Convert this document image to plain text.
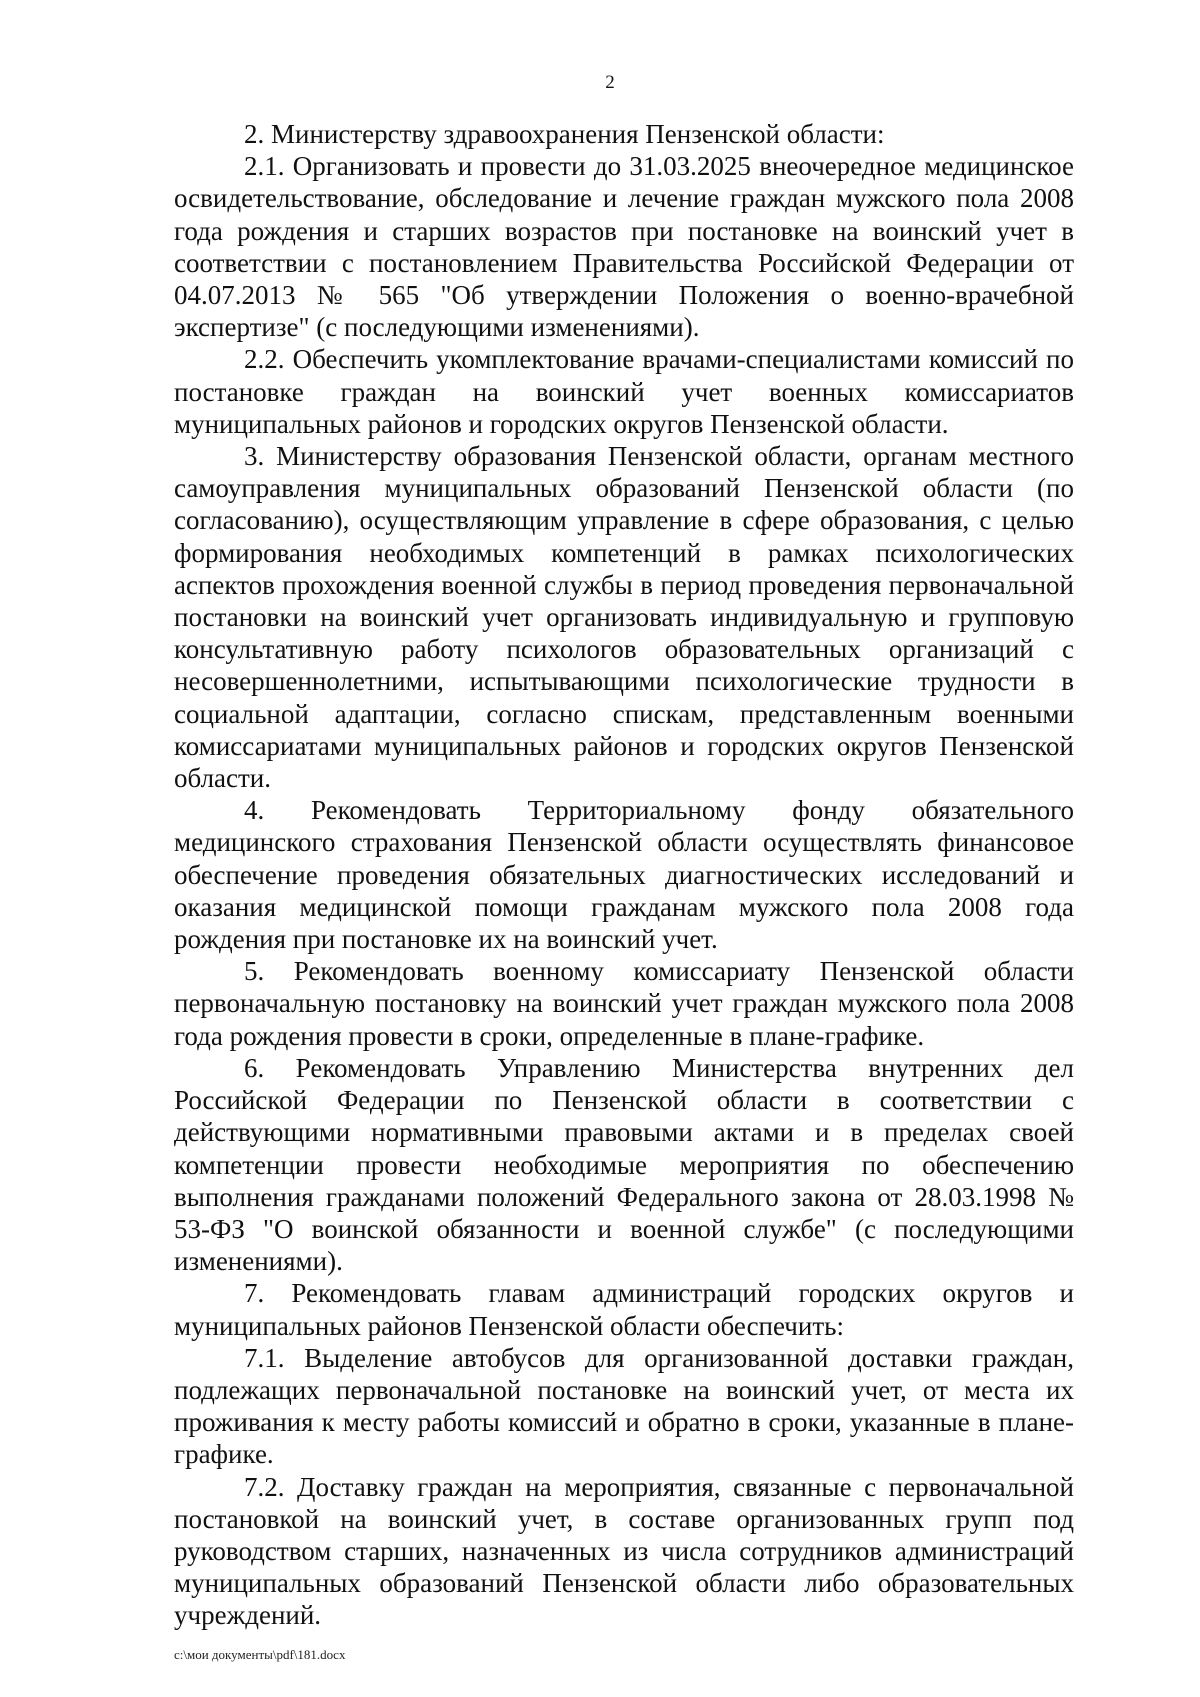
2

2. Министерству здравоохранения Пензенской области:

2.1. Организовать и провести до 31.03.2025 внеочередное медицинское освидетельствование, обследование и лечение граждан мужского пола 2008 года рождения и старших возрастов при постановке на воинский учет в соответствии с постановлением Правительства Российской Федерации от 04.07.2013 № 565 "Об утверждении Положения о военно-врачебной экспертизе" (с последующими изменениями).

2.2. Обеспечить укомплектование врачами-специалистами комиссий по постановке граждан на воинский учет военных комиссариатов муниципальных районов и городских округов Пензенской области.

3. Министерству образования Пензенской области, органам местного самоуправления муниципальных образований Пензенской области (по согласованию), осуществляющим управление в сфере образования, с целью формирования необходимых компетенций в рамках психологических аспектов прохождения военной службы в период проведения первоначальной постановки на воинский учет организовать индивидуальную и групповую консультативную работу психологов образовательных организаций с несовершеннолетними, испытывающими психологические трудности в социальной адаптации, согласно спискам, представленным военными комиссариатами муниципальных районов и городских округов Пензенской области.

4. Рекомендовать Территориальному фонду обязательного медицинского страхования Пензенской области осуществлять финансовое обеспечение проведения обязательных диагностических исследований и оказания медицинской помощи гражданам мужского пола 2008 года рождения при постановке их на воинский учет.

5. Рекомендовать военному комиссариату Пензенской области первоначальную постановку на воинский учет граждан мужского пола 2008 года рождения провести в сроки, определенные в плане-графике.

6. Рекомендовать Управлению Министерства внутренних дел Российской Федерации по Пензенской области в соответствии с действующими нормативными правовыми актами и в пределах своей компетенции провести необходимые мероприятия по обеспечению выполнения гражданами положений Федерального закона от 28.03.1998 № 53-ФЗ "О воинской обязанности и военной службе" (с последующими изменениями).

7. Рекомендовать главам администраций городских округов и муниципальных районов Пензенской области обеспечить:

7.1. Выделение автобусов для организованной доставки граждан, подлежащих первоначальной постановке на воинский учет, от места их проживания к месту работы комиссий и обратно в сроки, указанные в плане-графике.

7.2. Доставку граждан на мероприятия, связанные с первоначальной постановкой на воинский учет, в составе организованных групп под руководством старших, назначенных из числа сотрудников администраций муниципальных образований Пензенской области либо образовательных учреждений.

c:\мои документы\pdf\181.docx
